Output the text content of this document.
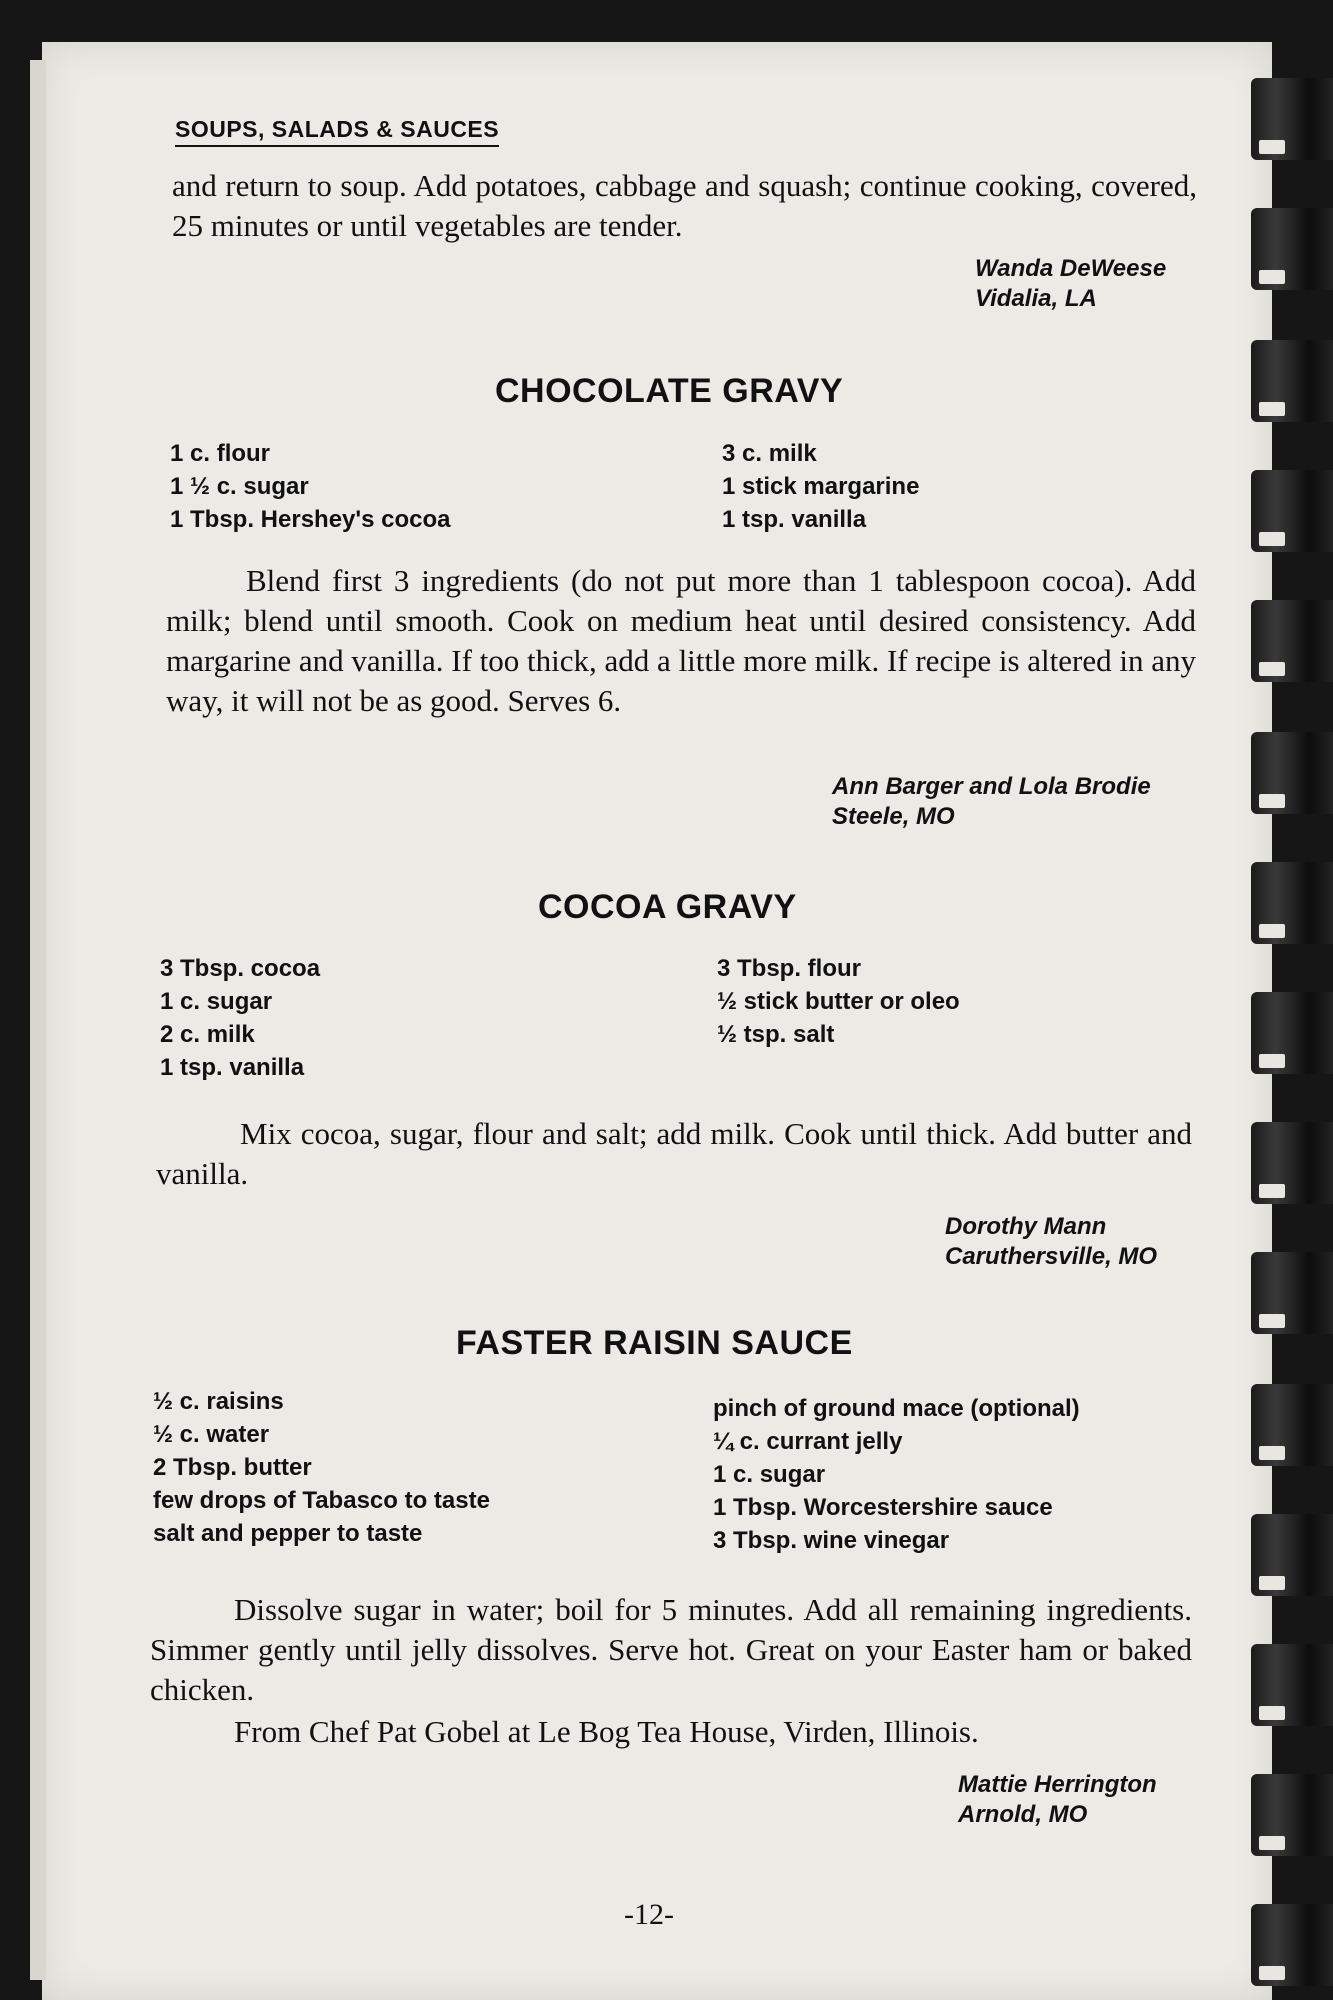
SOUPS, SALADS & SAUCES
and return to soup. Add potatoes, cabbage and squash; continue cooking, covered, 25 minutes or until vegetables are tender.
Wanda DeWeese
Vidalia, LA
CHOCOLATE GRAVY
1 c. flour
1 ½ c. sugar
1 Tbsp. Hershey's cocoa
3 c. milk
1 stick margarine
1 tsp. vanilla
Blend first 3 ingredients (do not put more than 1 tablespoon cocoa). Add milk; blend until smooth. Cook on medium heat until desired consistency. Add margarine and vanilla. If too thick, add a little more milk. If recipe is altered in any way, it will not be as good. Serves 6.
Ann Barger and Lola Brodie
Steele, MO
COCOA GRAVY
3 Tbsp. cocoa
1 c. sugar
2 c. milk
1 tsp. vanilla
3 Tbsp. flour
½ stick butter or oleo
½ tsp. salt
Mix cocoa, sugar, flour and salt; add milk. Cook until thick. Add butter and vanilla.
Dorothy Mann
Caruthersville, MO
FASTER RAISIN SAUCE
½ c. raisins
½ c. water
2 Tbsp. butter
few drops of Tabasco to taste
salt and pepper to taste
pinch of ground mace (optional)
¼ c. currant jelly
1 c. sugar
1 Tbsp. Worcestershire sauce
3 Tbsp. wine vinegar
Dissolve sugar in water; boil for 5 minutes. Add all remaining ingredients. Simmer gently until jelly dissolves. Serve hot. Great on your Easter ham or baked chicken.
From Chef Pat Gobel at Le Bog Tea House, Virden, Illinois.
Mattie Herrington
Arnold, MO
-12-
